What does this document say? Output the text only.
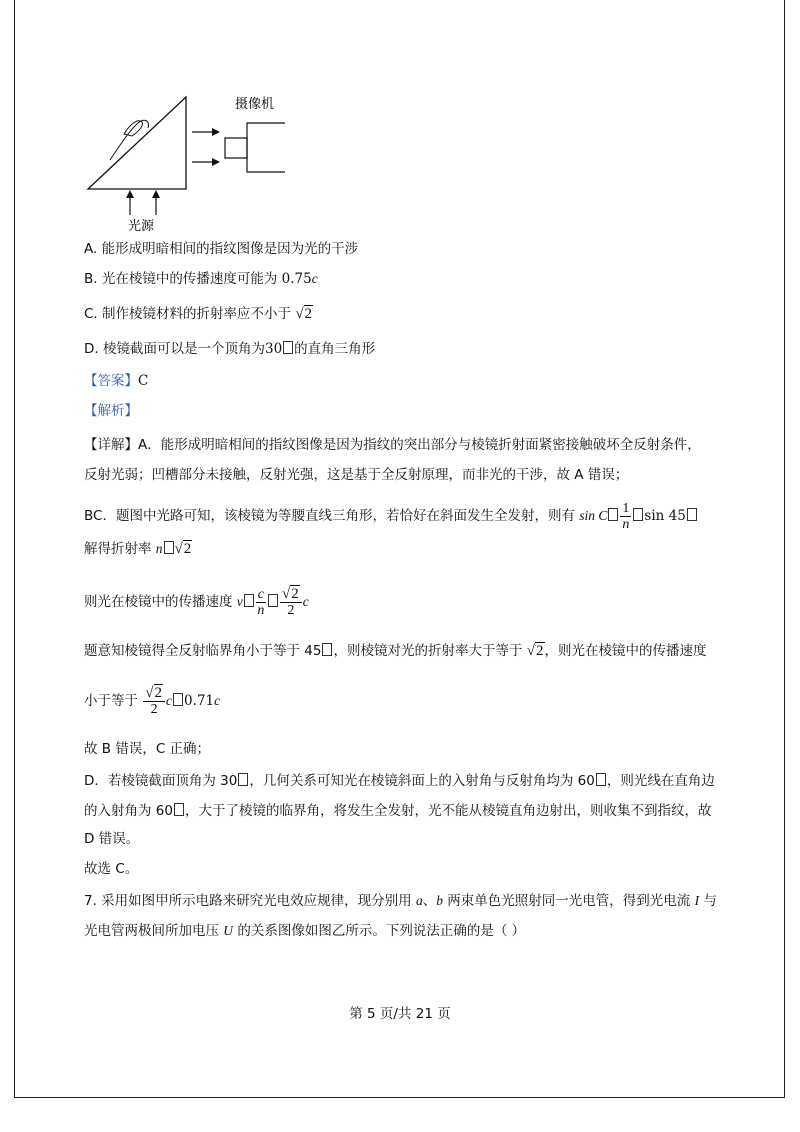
摄像机
光源
A. 能形成明暗相间的指纹图像是因为光的干涉
B. 光在棱镜中的传播速度可能为 0.75c
C. 制作棱镜材料的折射率应不小于 √2
D. 棱镜截面可以是一个顶角为30 的直角三角形
【答案】C
【解析】
【详解】A．能形成明暗相间的指纹图像是因为指纹的突出部分与棱镜折射面紧密接触破坏全反射条件，
反射光弱；凹槽部分未接触，反射光强，这是基于全反射原理，而非光的干涉，故 A 错误；
BC．题图中光路可知，该棱镜为等腰直线三角形，若恰好在斜面发生全发射，则有 sin C $\frac{1}{n}$ sin 45
解得折射率 n √2
则光在棱镜中的传播速度 v $\frac{c}{n} \frac{√2}{2}$ c
题意知棱镜得全反射临界角小于等于 45 ，则棱镜对光的折射率大于等于 √2，则光在棱镜中的传播速度
小于等于 $\frac{√2}{2}$ c 0.71c
故 B 错误，C 正确；
D．若棱镜截面顶角为 30 ，几何关系可知光在棱镜斜面上的入射角与反射角均为 60 ，则光线在直角边
的入射角为 60 ，大于了棱镜的临界角，将发生全发射，光不能从棱镜直角边射出，则收集不到指纹，故
D 错误。
故选 C。
7. 采用如图甲所示电路来研究光电效应规律，现分别用 a、b 两束单色光照射同一光电管，得到光电流 I 与
光电管两极间所加电压 U 的关系图像如图乙所示。下列说法正确的是（ ）
第 5 页/共 21 页
